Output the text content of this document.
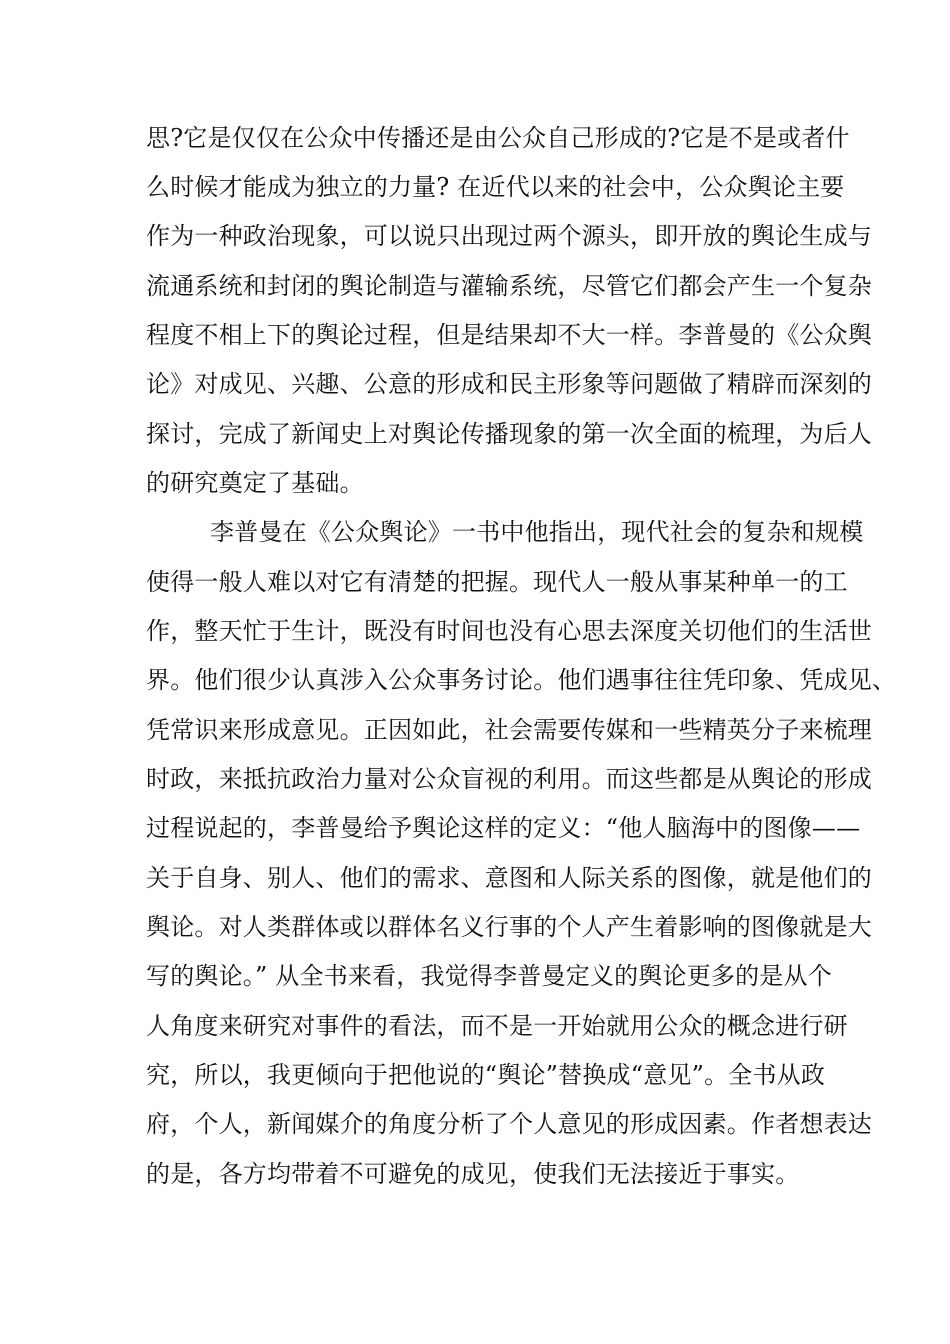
思?它是仅仅在公众中传播还是由公众自己形成的?它是不是或者什
么时候才能成为独立的力量? 在近代以来的社会中，公众舆论主要
作为一种政治现象，可以说只出现过两个源头，即开放的舆论生成与
流通系统和封闭的舆论制造与灌输系统，尽管它们都会产生一个复杂
程度不相上下的舆论过程，但是结果却不大一样。李普曼的《公众舆
论》对成见、兴趣、公意的形成和民主形象等问题做了精辟而深刻的
探讨，完成了新闻史上对舆论传播现象的第一次全面的梳理，为后人
的研究奠定了基础。
李普曼在《公众舆论》一书中他指出，现代社会的复杂和规模
使得一般人难以对它有清楚的把握。现代人一般从事某种单一的工
作，整天忙于生计，既没有时间也没有心思去深度关切他们的生活世
界。他们很少认真涉入公众事务讨论。他们遇事往往凭印象、凭成见、
凭常识来形成意见。正因如此，社会需要传媒和一些精英分子来梳理
时政，来抵抗政治力量对公众盲视的利用。而这些都是从舆论的形成
过程说起的，李普曼给予舆论这样的定义：“他人脑海中的图像——
关于自身、别人、他们的需求、意图和人际关系的图像，就是他们的
舆论。对人类群体或以群体名义行事的个人产生着影响的图像就是大
写的舆论。” 从全书来看，我觉得李普曼定义的舆论更多的是从个
人角度来研究对事件的看法，而不是一开始就用公众的概念进行研
究，所以，我更倾向于把他说的“舆论”替换成“意见”。全书从政
府，个人，新闻媒介的角度分析了个人意见的形成因素。作者想表达
的是，各方均带着不可避免的成见，使我们无法接近于事实。
